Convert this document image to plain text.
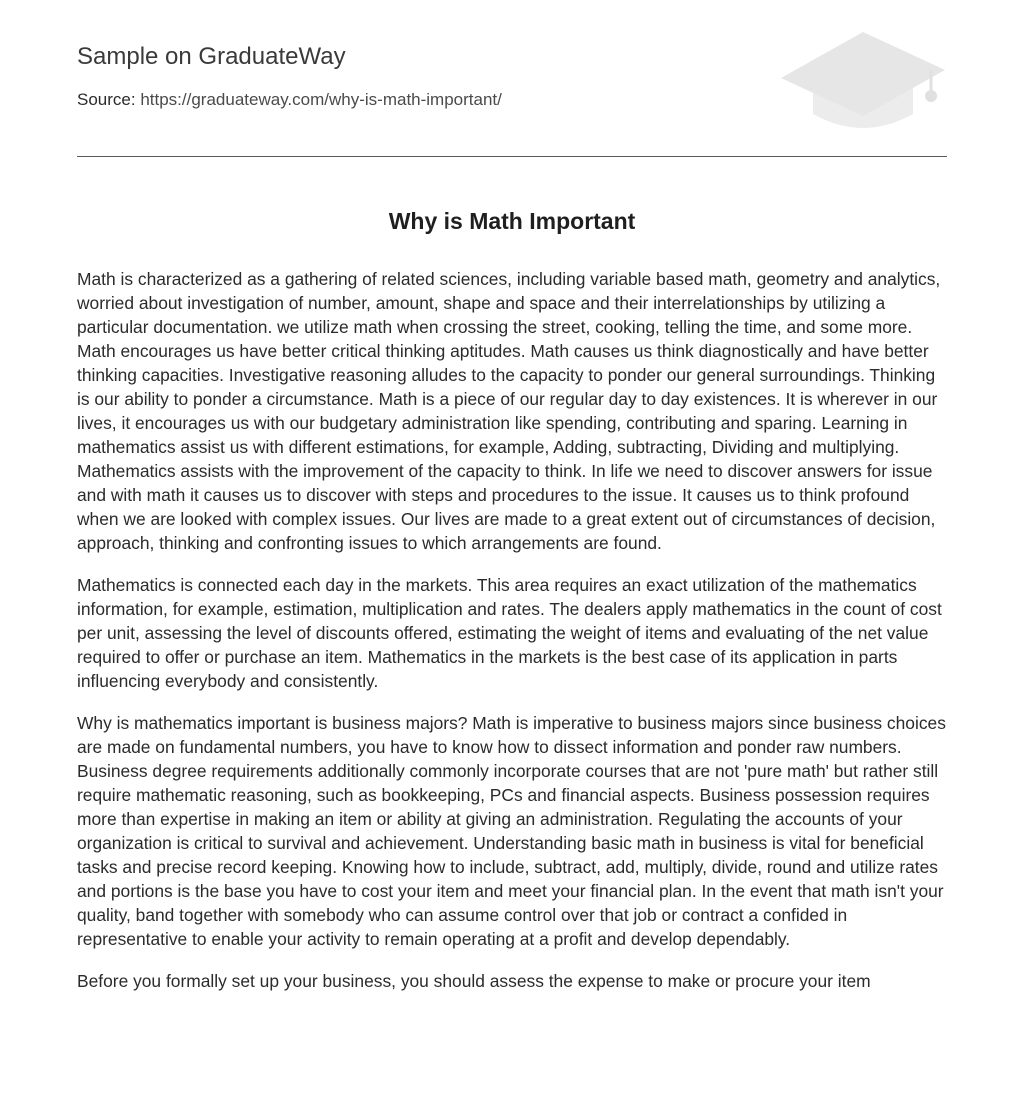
Sample on GraduateWay
Source: https://graduateway.com/why-is-math-important/
Why is Math Important

Math is characterized as a gathering of related sciences, including variable based math, geometry and analytics, worried about investigation of number, amount, shape and space and their interrelationships by utilizing a particular documentation. we utilize math when crossing the street, cooking, telling the time, and some more. Math encourages us have better critical thinking aptitudes. Math causes us think diagnostically and have better thinking capacities. Investigative reasoning alludes to the capacity to ponder our general surroundings. Thinking is our ability to ponder a circumstance. Math is a piece of our regular day to day existences. It is wherever in our lives, it encourages us with our budgetary administration like spending, contributing and sparing. Learning in mathematics assist us with different estimations, for example, Adding, subtracting, Dividing and multiplying. Mathematics assists with the improvement of the capacity to think. In life we need to discover answers for issue and with math it causes us to discover with steps and procedures to the issue. It causes us to think profound when we are looked with complex issues. Our lives are made to a great extent out of circumstances of decision, approach, thinking and confronting issues to which arrangements are found.

Mathematics is connected each day in the markets. This area requires an exact utilization of the mathematics information, for example, estimation, multiplication and rates. The dealers apply mathematics in the count of cost per unit, assessing the level of discounts offered, estimating the weight of items and evaluating of the net value required to offer or purchase an item. Mathematics in the markets is the best case of its application in parts influencing everybody and consistently.

Why is mathematics important is business majors? Math is imperative to business majors since business choices are made on fundamental numbers, you have to know how to dissect information and ponder raw numbers. Business degree requirements additionally commonly incorporate courses that are not 'pure math' but rather still require mathematic reasoning, such as bookkeeping, PCs and financial aspects. Business possession requires more than expertise in making an item or ability at giving an administration. Regulating the accounts of your organization is critical to survival and achievement. Understanding basic math in business is vital for beneficial tasks and precise record keeping. Knowing how to include, subtract, add, multiply, divide, round and utilize rates and portions is the base you have to cost your item and meet your financial plan. In the event that math isn't your quality, band together with somebody who can assume control over that job or contract a confided in representative to enable your activity to remain operating at a profit and develop dependably.

Before you formally set up your business, you should assess the expense to make or procure your item
